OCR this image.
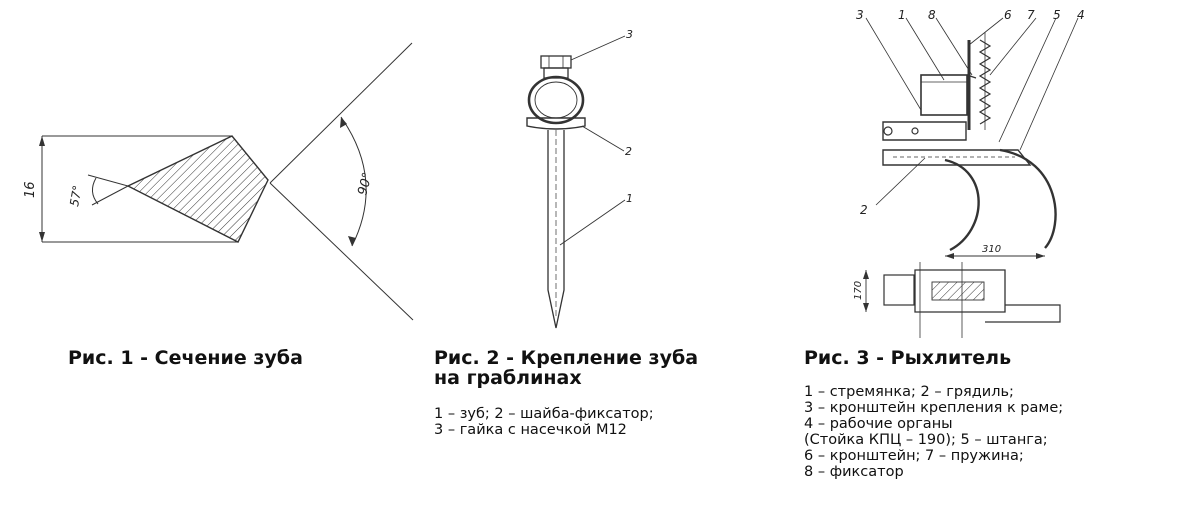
16 57°	90°
3
2
1
3	1 8	6 7 5 4
2
310
170
Рис. 1 - Сечение зуба	Рис. 2 - Крепление зуба
на граблинах
1 – зуб; 2 – шайба-фиксатор;
3 – гайка с насечкой М12
Рис. 3 - Рыхлитель
1 – стремянка; 2 – грядиль;
3 – кронштейн крепления к раме;
4 – рабочие органы
(Стойка КПЦ – 190); 5 – штанга;
6 – кронштейн; 7 – пружина;
8 – фиксатор
